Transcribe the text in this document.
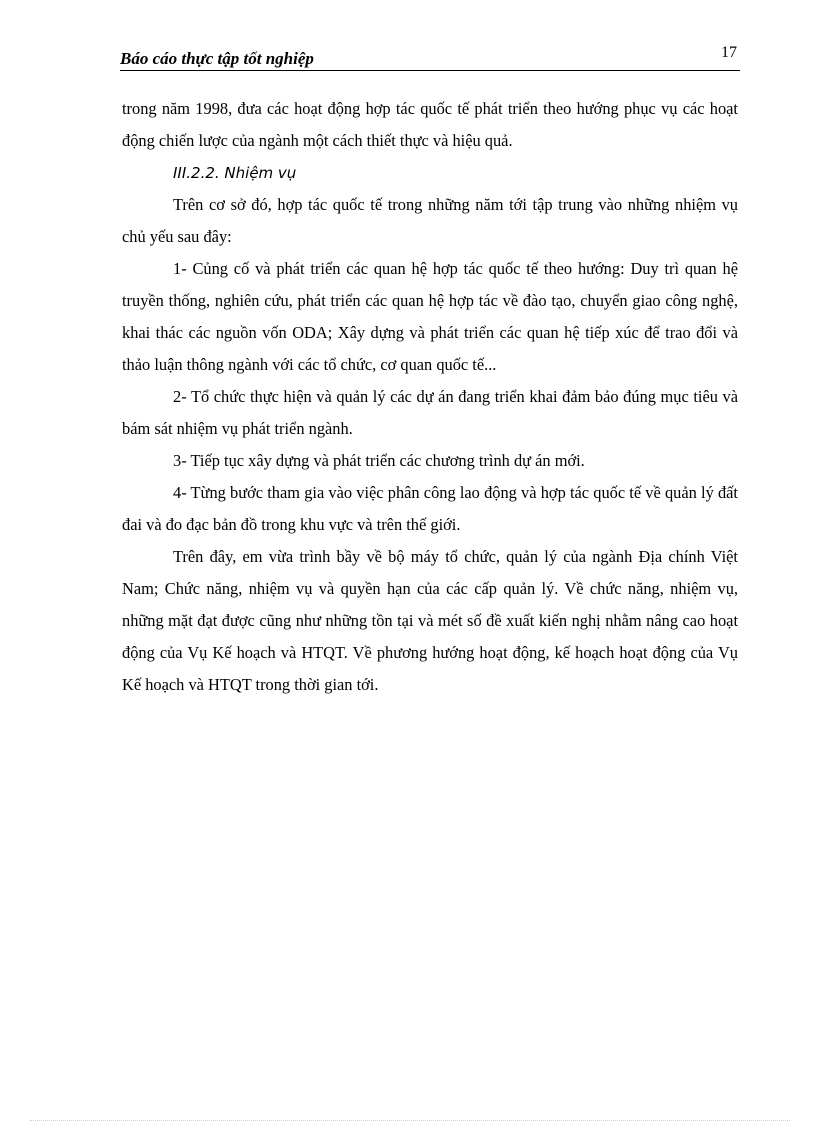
Báo cáo thực tập tốt nghiệp	17

trong năm 1998, đưa các hoạt động hợp tác quốc tế phát triển theo hướng phục vụ các hoạt động chiến lược của ngành một cách thiết thực và hiệu quả.

III.2.2. Nhiệm vụ

Trên cơ sở đó, hợp tác quốc tế trong những năm tới tập trung vào những nhiệm vụ chủ yếu sau đây:

1- Củng cố và phát triển các quan hệ hợp tác quốc tế theo hướng: Duy trì quan hệ truyền thống, nghiên cứu, phát triển các quan hệ hợp tác về đào tạo, chuyển giao công nghệ, khai thác các nguồn vốn ODA; Xây dựng và phát triển các quan hệ tiếp xúc để trao đổi và thảo luận thông ngành với các tổ chức, cơ quan quốc tế...

2- Tổ chức thực hiện và quản lý các dự án đang triển khai đảm bảo đúng mục tiêu và bám sát nhiệm vụ phát triển ngành.

3- Tiếp tục xây dựng và phát triển các chương trình dự án mới.

4- Từng bước tham gia vào việc phân công lao động và hợp tác quốc tế về quản lý đất đai và đo đạc bản đồ trong khu vực và trên thế giới.

Trên đây, em vừa trình bầy về bộ máy tổ chức, quản lý của ngành Địa chính Việt Nam; Chức năng, nhiệm vụ và quyền hạn của các cấp quản lý. Về chức năng, nhiệm vụ, những mặt đạt được cũng như những tồn tại và mét số đề xuất kiến nghị nhằm nâng cao hoạt động của Vụ Kế hoạch và HTQT. Về phương hướng hoạt động, kế hoạch hoạt động của Vụ Kế hoạch và HTQT trong thời gian tới.
